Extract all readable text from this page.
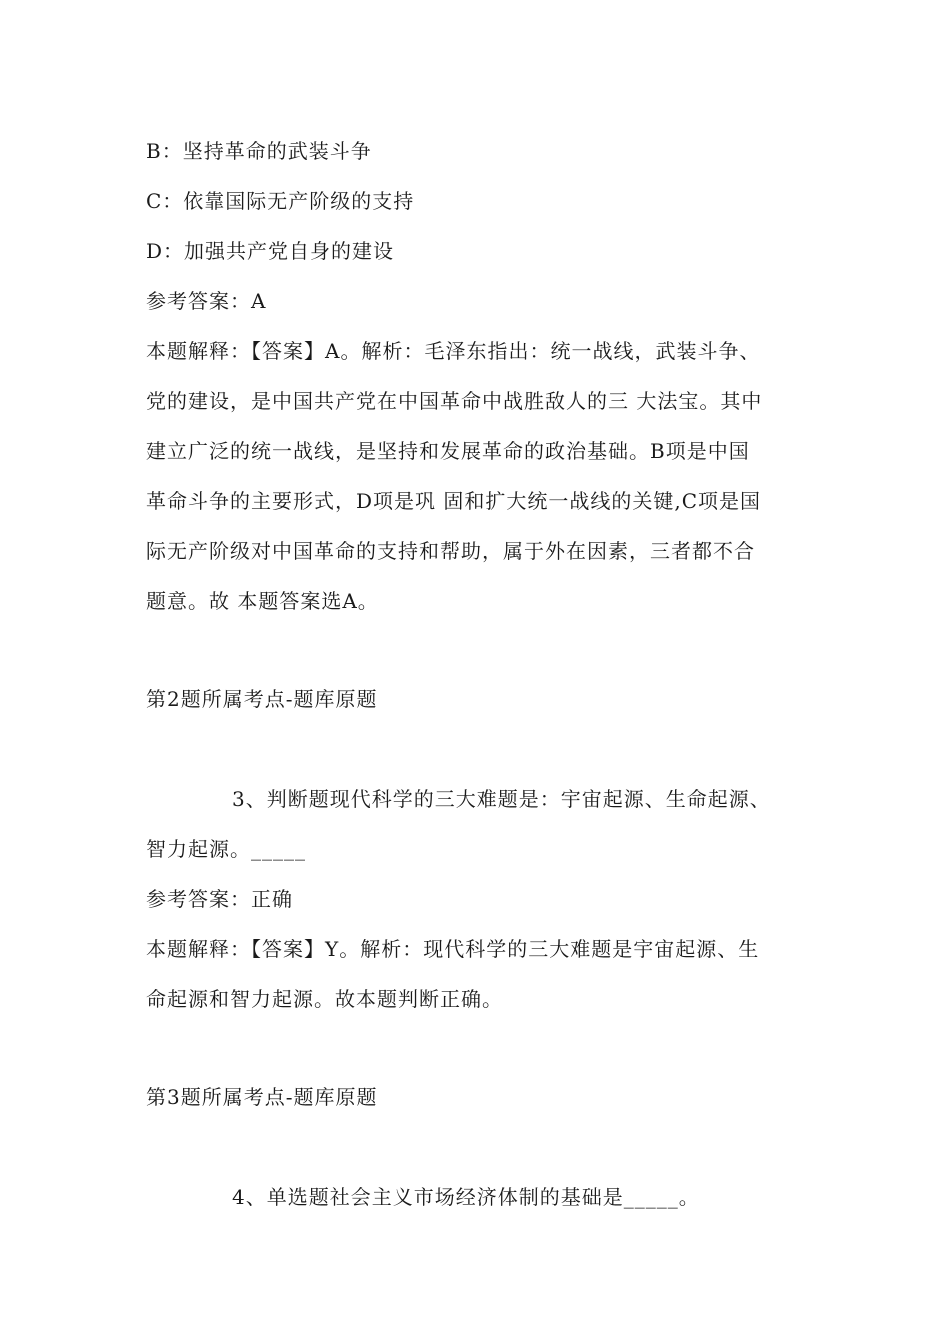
B：坚持革命的武装斗争
C：依靠国际无产阶级的支持
D：加强共产党自身的建设
参考答案：A
本题解释：【答案】A。解析：毛泽东指出：统一战线，武装斗争、
党的建设，是中国共产党在中国革命中战胜敌人的三 大法宝。其中
建立广泛的统一战线，是坚持和发展革命的政治基础。B项是中国
革命斗争的主要形式，D项是巩 固和扩大统一战线的关键,C项是国
际无产阶级对中国革命的支持和帮助，属于外在因素，三者都不合
题意。故 本题答案选A。
第2题所属考点-题库原题
3、判断题现代科学的三大难题是：宇宙起源、生命起源、
智力起源。_____
参考答案：正确
本题解释：【答案】Y。解析：现代科学的三大难题是宇宙起源、生
命起源和智力起源。故本题判断正确。
第3题所属考点-题库原题
4、单选题社会主义市场经济体制的基础是_____。
